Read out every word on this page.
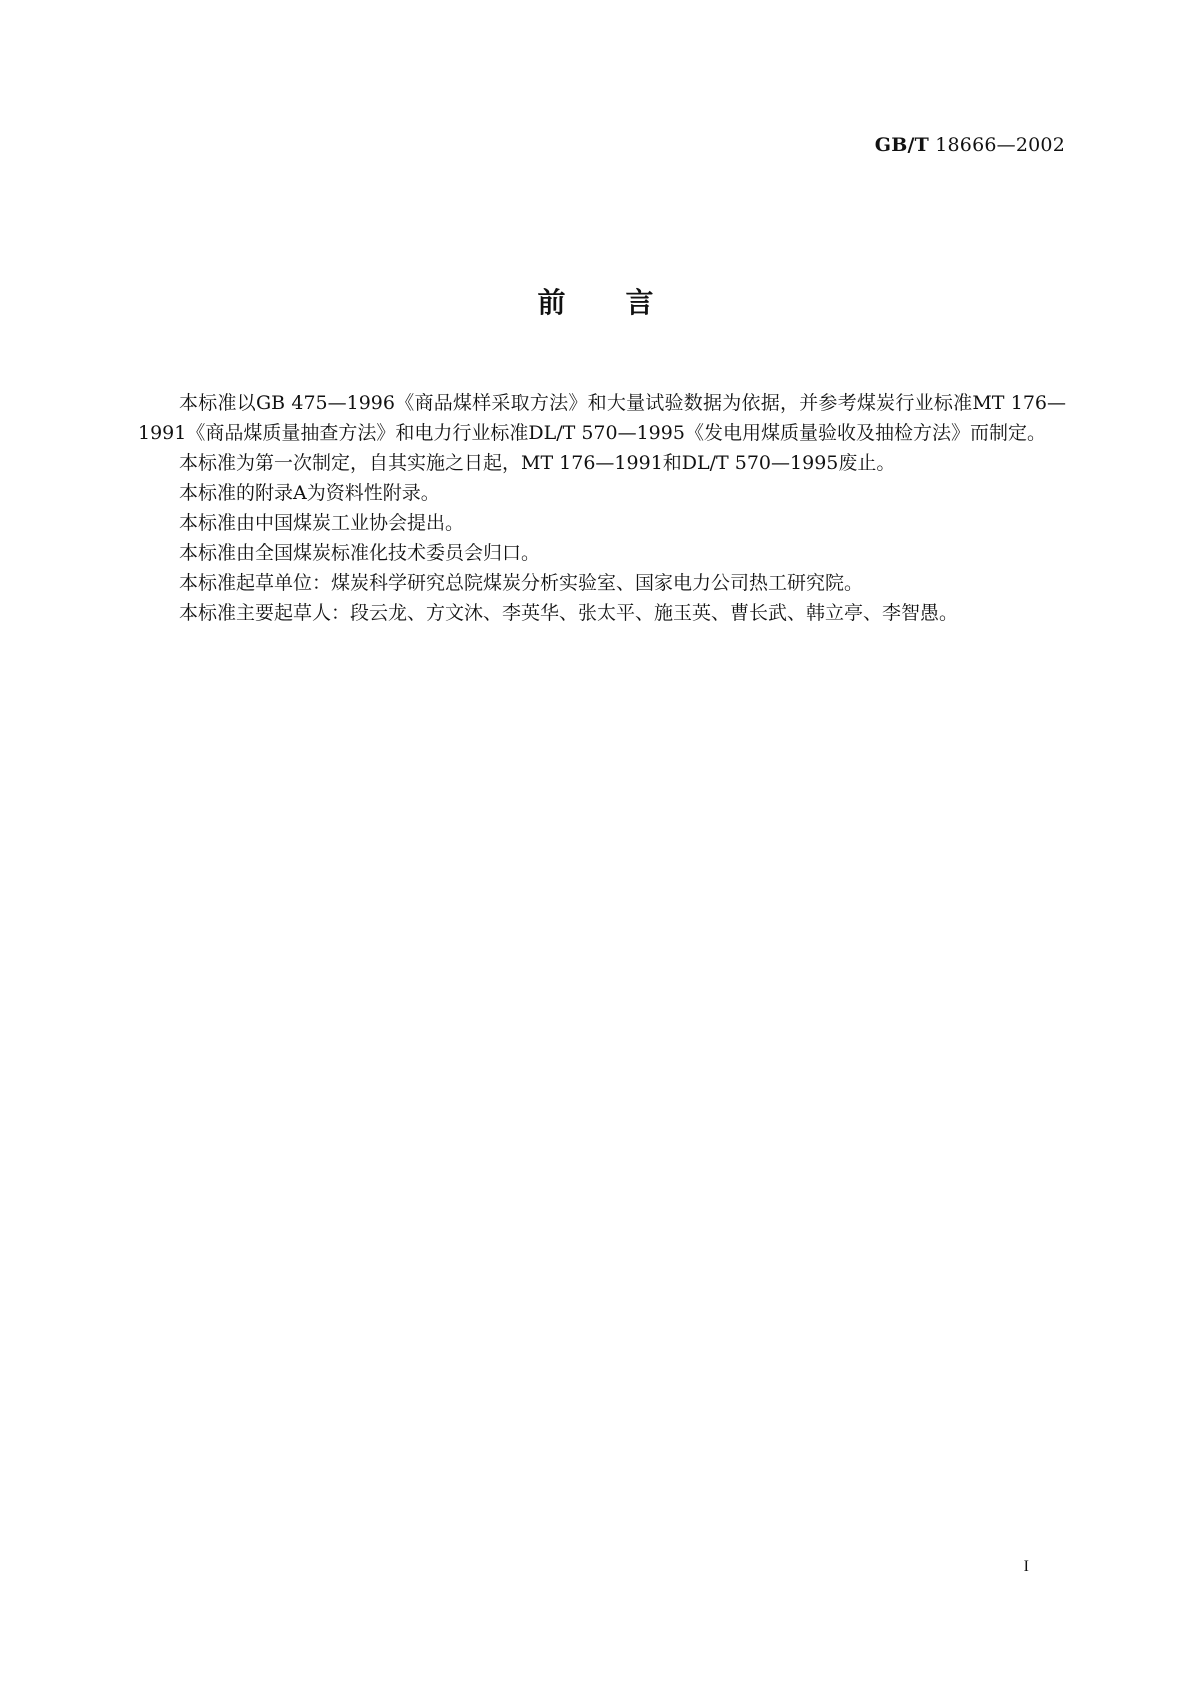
GB/T 18666—2002
前言

本标准以GB 475—1996《商品煤样采取方法》和大量试验数据为依据，并参考煤炭行业标准MT 176—1991《商品煤质量抽查方法》和电力行业标准DL/T 570—1995《发电用煤质量验收及抽检方法》而制定。

本标准为第一次制定，自其实施之日起，MT 176—1991和DL/T 570—1995废止。

本标准的附录A为资料性附录。

本标准由中国煤炭工业协会提出。

本标准由全国煤炭标准化技术委员会归口。

本标准起草单位：煤炭科学研究总院煤炭分析实验室、国家电力公司热工研究院。

本标准主要起草人：段云龙、方文沐、李英华、张太平、施玉英、曹长武、韩立亭、李智愚。

I
